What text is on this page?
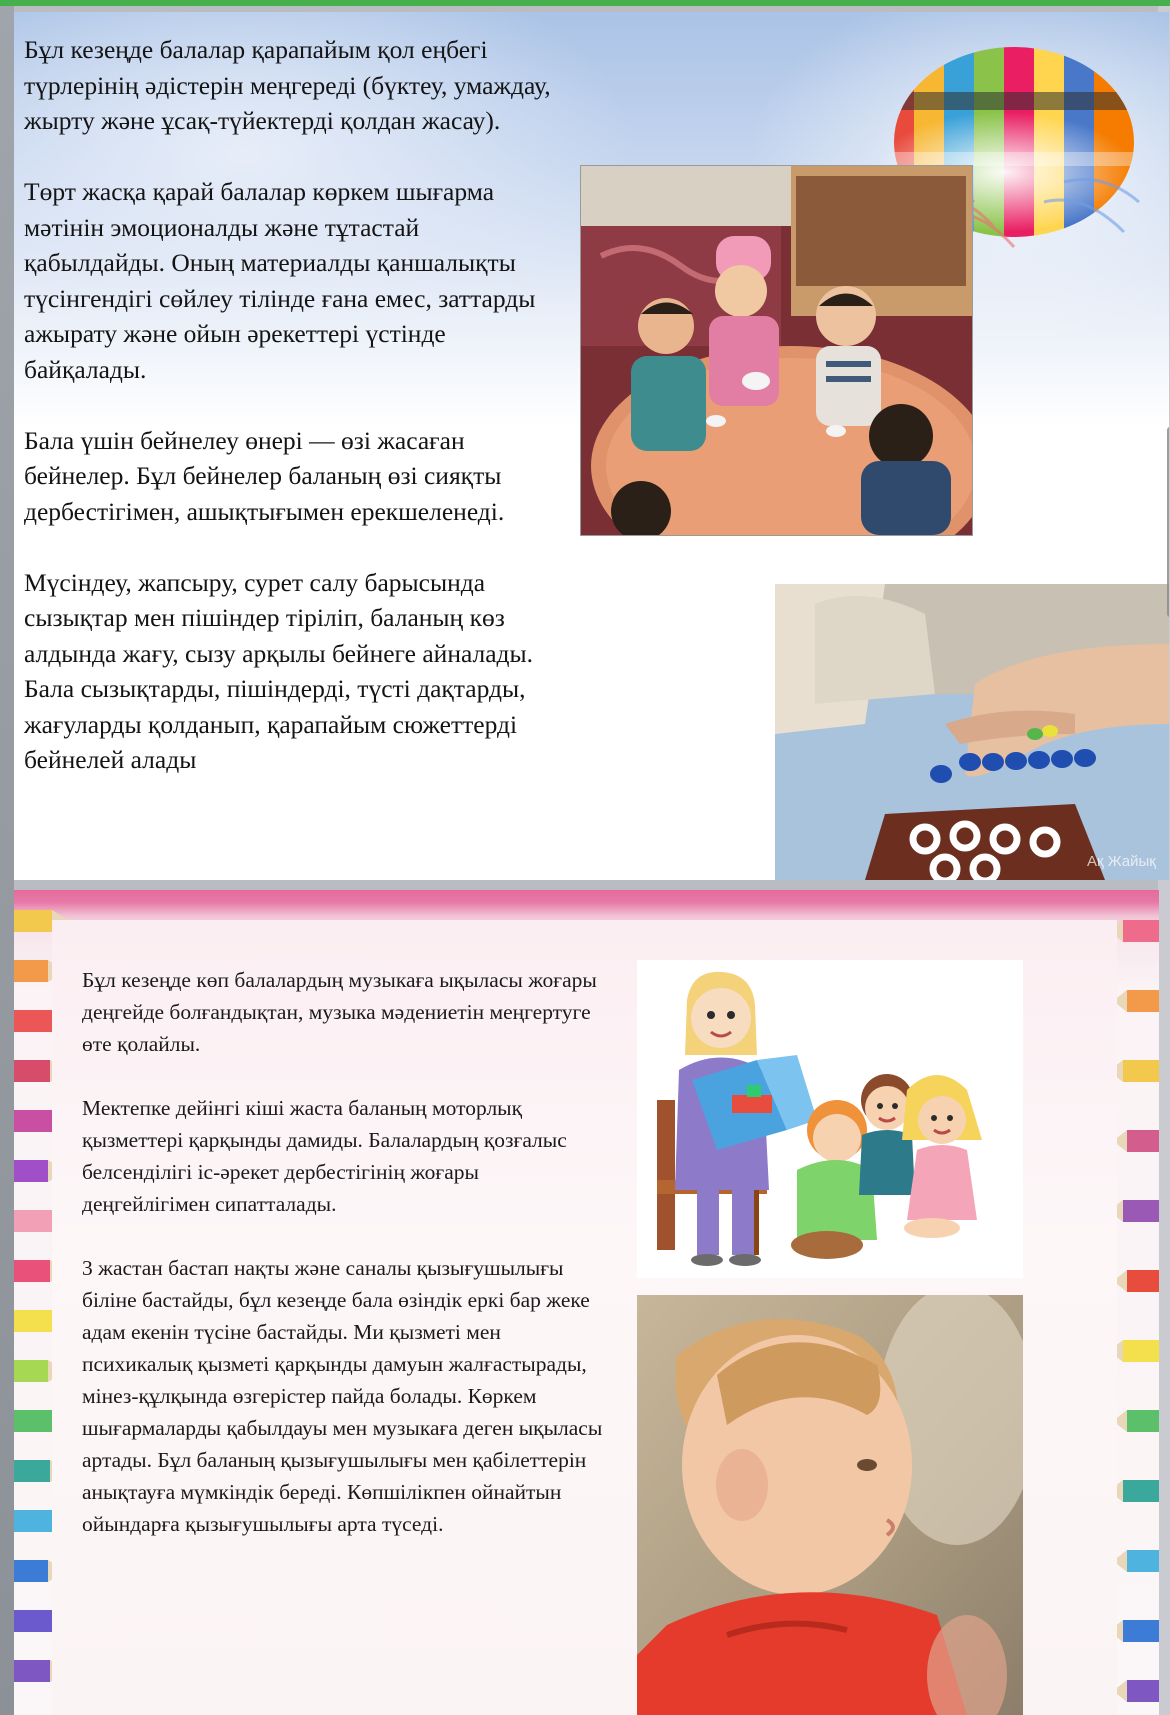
Бұл кезеңде балалар қарапайым қол еңбегі түрлерінің әдістерін меңгереді (бүктеу, умаждау, жырту және ұсақ-түйектерді қолдан жасау).

Төрт жасқа қарай балалар көркем шығарма мәтінін эмоционалды және тұтастай қабылдайды. Оның материалды қаншалықты түсінгендігі сөйлеу тілінде ғана емес, заттарды ажырату және ойын әрекеттері үстінде байқалады.

Бала үшін бейнелеу өнері — өзі жасаған бейнелер. Бұл бейнелер баланың өзі сияқты дербестігімен, ашықтығымен ерекшеленеді.

Мүсіндеу, жапсыру, сурет салу барысында сызықтар мен пішіндер тіріліп, баланың көз алдында жағу, сызу арқылы бейнеге айналады. Бала сызықтарды, пішіндерді, түсті дақтарды, жағуларды қолданып, қарапайым сюжеттерді бейнелей алады

Ақ Жайық

Бұл кезеңде көп балалардың музыкаға ықыласы жоғары деңгейде болғандықтан, музыка мәдениетін меңгертуге өте қолайлы.

Мектепке дейінгі кіші жаста баланың моторлық қызметтері қарқынды дамиды. Балалардың қозғалыс белсенділігі іс-әрекет дербестігінің жоғары деңгейлігімен сипатталады.

3 жастан бастап нақты және саналы қызығушылығы біліне бастайды, бұл кезеңде бала өзіндік еркі бар жеке адам екенін түсіне бастайды. Ми қызметі мен психикалық қызметі қарқынды дамуын жалғастырады, мінез-құлқында өзгерістер пайда болады. Көркем шығармаларды қабылдауы мен музыкаға деген ықыласы артады. Бұл баланың қызығушылығы мен қабілеттерін анықтауға мүмкіндік береді. Көпшілікпен ойнайтын ойындарға қызығушылығы арта түседі.
